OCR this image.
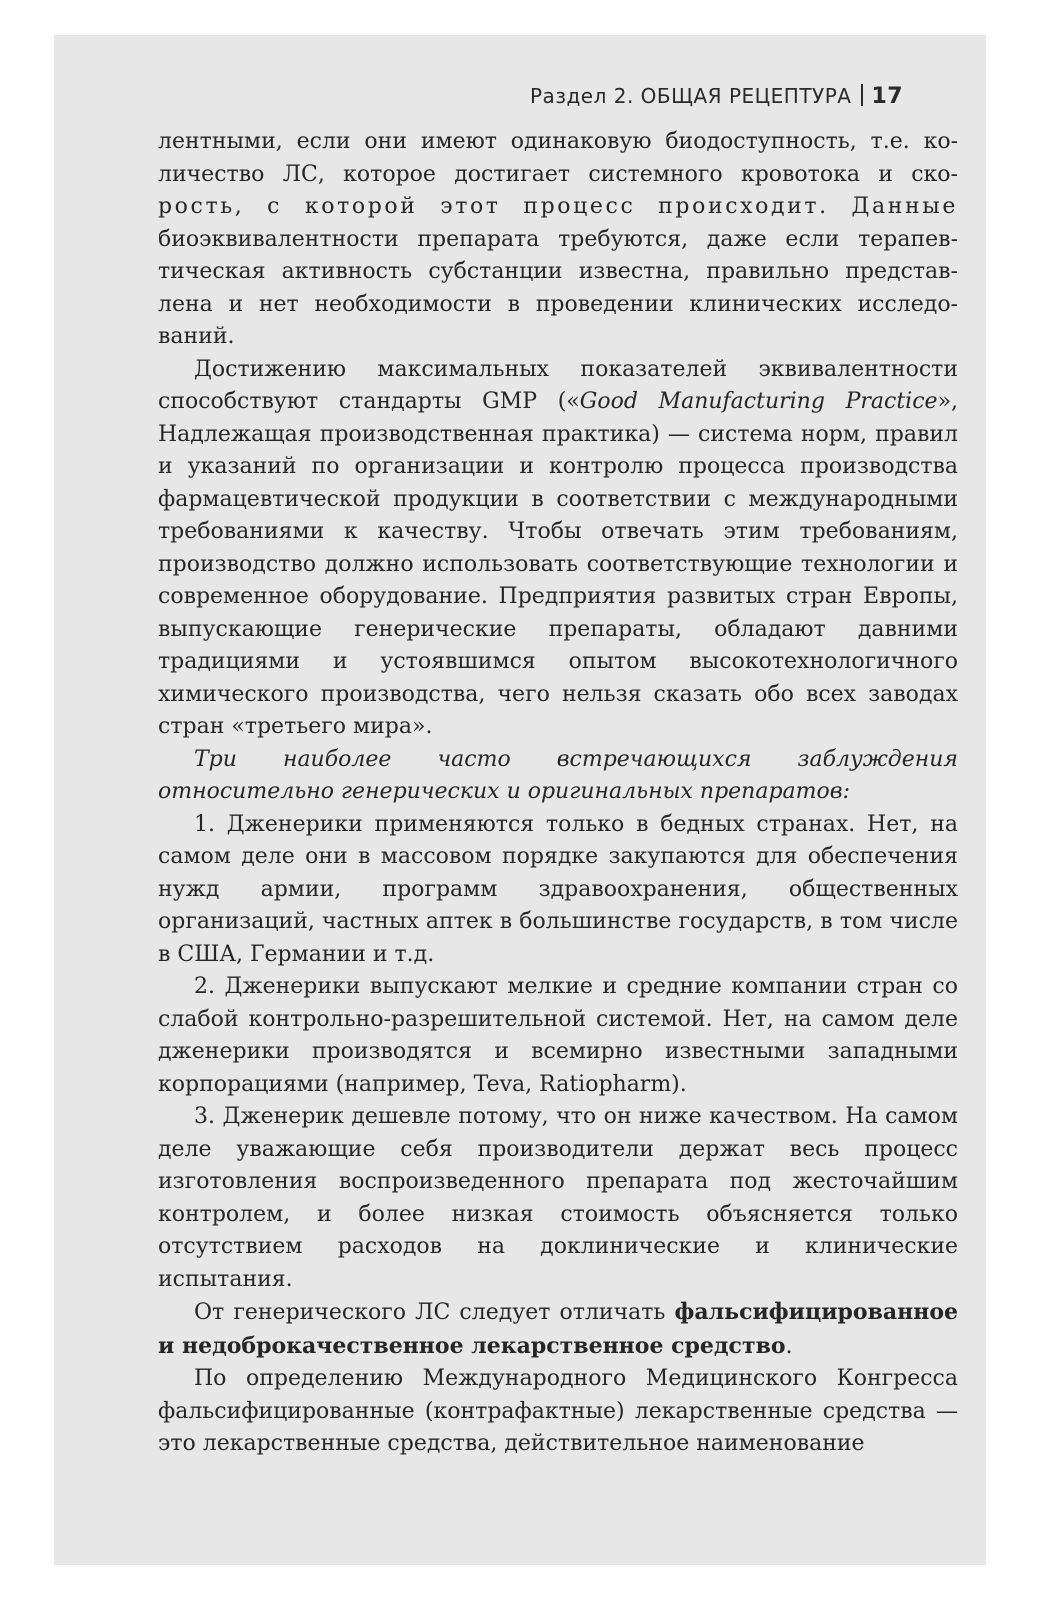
Раздел 2. ОБЩАЯ РЕЦЕПТУРА 17

лентными, если они имеют одинаковую биодоступность, т.е. ко- личество ЛС, которое достигает системного кровотока и ско- рость, с которой этот процесс происходит. Данные биоэквивалентности препарата требуются, даже если терапев- тическая активность субстанции известна, правильно представ- лена и нет необходимости в проведении клинических исследо- ваний.

Достижению максимальных показателей эквивалентности способствуют стандарты GMP («Good Manufacturing Practice», Надлежащая производственная практика) — система норм, правил и указаний по организации и контролю процесса производства фармацевтической продукции в соответствии с международными требованиями к качеству. Чтобы отвечать этим требованиям, производство должно использовать соответствующие технологии и современное оборудование. Предприятия развитых стран Европы, выпускающие генерические препараты, обладают давними традициями и устоявшимся опытом высокотехнологичного химического производства, чего нельзя сказать обо всех заводах стран «третьего мира».

Три наиболее часто встречающихся заблуждения относительно генерических и оригинальных препаратов:

1. Дженерики применяются только в бедных странах. Нет, на самом деле они в массовом порядке закупаются для обеспечения нужд армии, программ здравоохранения, общественных организаций, частных аптек в большинстве государств, в том числе в США, Германии и т.д.

2. Дженерики выпускают мелкие и средние компании стран со слабой контрольно-разрешительной системой. Нет, на самом деле дженерики производятся и всемирно известными западными корпорациями (например, Teva, Ratiopharm).

3. Дженерик дешевле потому, что он ниже качеством. На самом деле уважающие себя производители держат весь процесс изготовления воспроизведенного препарата под жесточайшим контролем, и более низкая стоимость объясняется только отсутствием расходов на доклинические и клинические испытания.

От генерического ЛС следует отличать фальсифицированное и недоброкачественное лекарственное средство.

По определению Международного Медицинского Конгресса фальсифицированные (контрафактные) лекарственные средства — это лекарственные средства, действительное наименование
